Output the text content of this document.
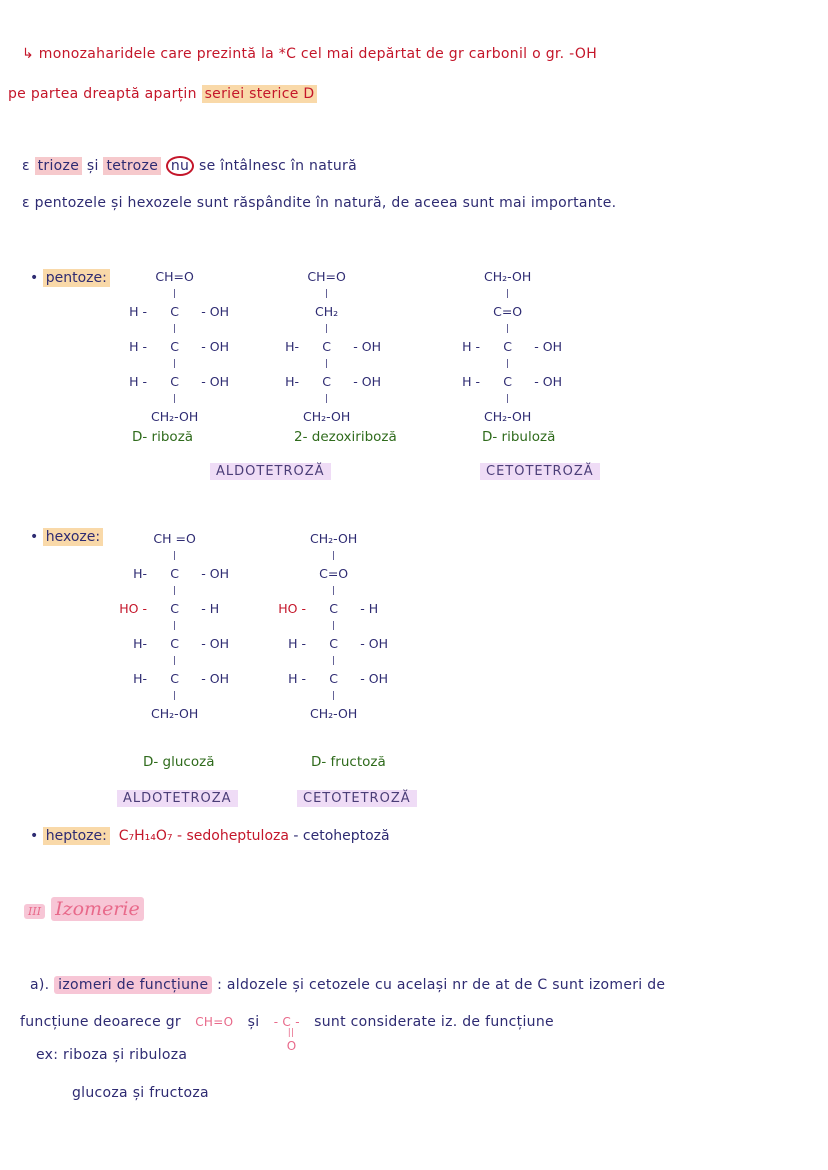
↳ monozaharidele care prezintă la *C cel mai depărtat de gr carbonil o gr. -OH
pe partea dreaptă aparțin seriei sterice D
ε trioze și tetroze nu se întâlnesc în natură
ε pentozele și hexozele sunt răspândite în natură, de aceea sunt mai importante.
• pentoze:	CH=O
|
H -	C	- OH
|
H -	C	- OH
|
H -	C	- OH
|
CH₂-OH
CH=O
|
CH₂
|
H-	C	- OH
|
H-	C	- OH
|
CH₂-OH
CH₂-OH
|
C=O
|
H -	C	- OH
|
H -	C	- OH
|
CH₂-OH
D- riboză	2- dezoxiriboză	D- ribuloză
ALDOTETROZĂ	CETOTETROZĂ
• hexoze:	CH =O
|
H-	C	- OH
|
HO -	C	- H
|
H-	C	- OH
|
H-	C	- OH
|
CH₂-OH
CH₂-OH
|
C=O
|
HO -	C	- H
|
H -	C	- OH
|
H -	C	- OH
|
CH₂-OH
D- glucoză	D- fructoză
ALDOTETROZA	CETOTETROZĂ
• heptoze: C₇H₁₄O₇ - sedoheptuloza - cetoheptoză
III Izomerie
a). izomeri de funcțiune : aldozele și cetozele cu același nr de at de C sunt izomeri de
funcțiune deoarece gr CH=O și - C -
||
O
sunt considerate iz. de funcțiune
ex: riboza și ribuloza
glucoza și fructoza
